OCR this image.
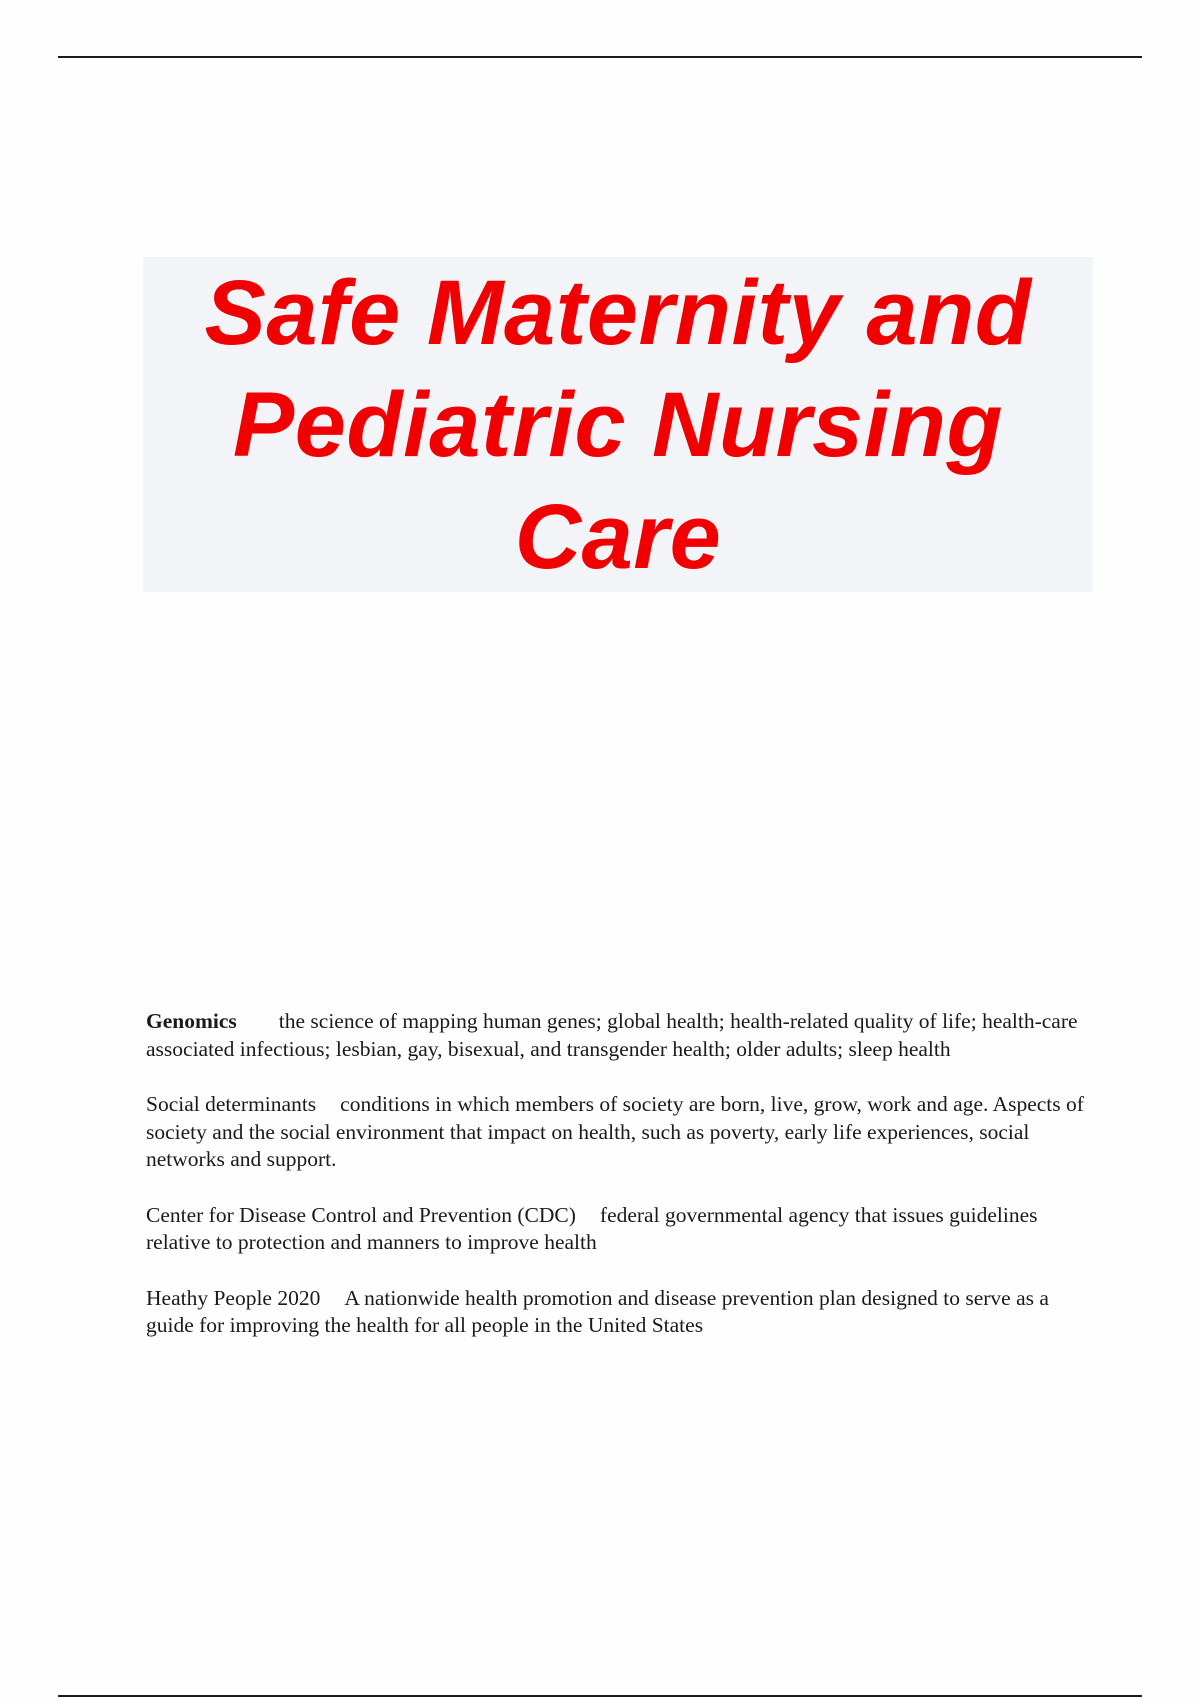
Safe Maternity and
Pediatric Nursing
Care

Genomics the science of mapping human genes; global health; health-related quality of life; health-care associated infectious; lesbian, gay, bisexual, and transgender health; older adults; sleep health

Social determinants conditions in which members of society are born, live, grow, work and age. Aspects of society and the social environment that impact on health, such as poverty, early life experiences, social networks and support.

Center for Disease Control and Prevention (CDC) federal governmental agency that issues guidelines relative to protection and manners to improve health

Heathy People 2020 A nationwide health promotion and disease prevention plan designed to serve as a guide for improving the health for all people in the United States
